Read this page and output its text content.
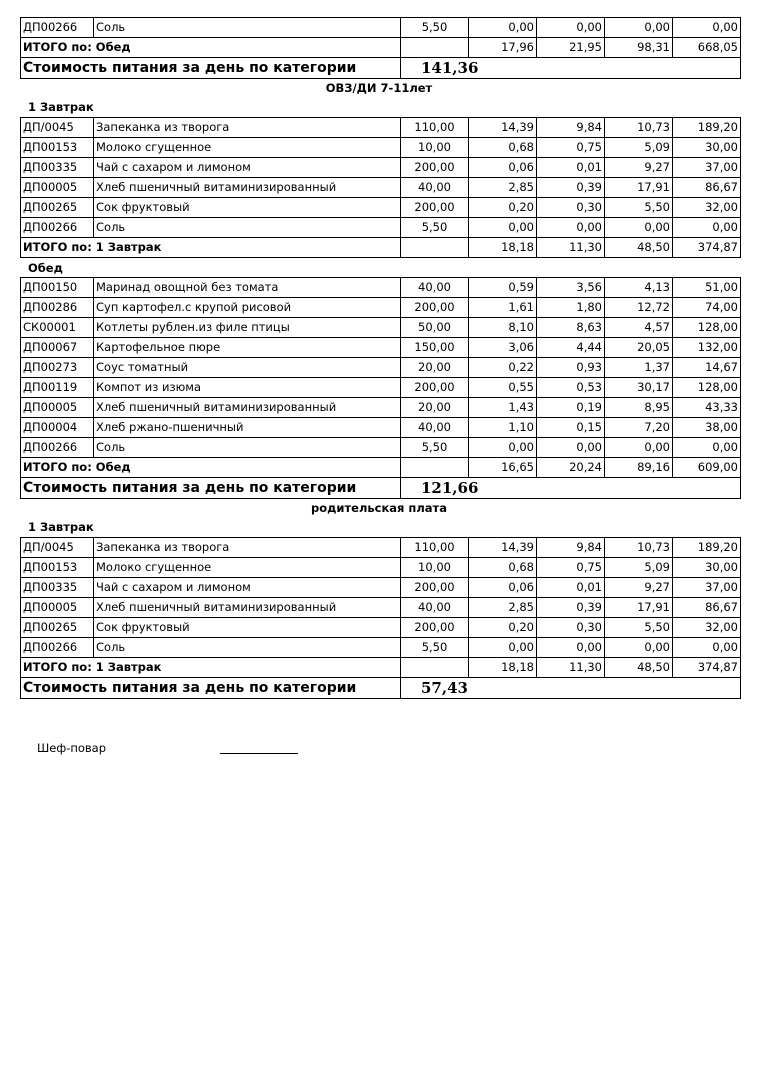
ДП00266	Соль	5,50	0,00	0,00	0,00	0,00
ИТОГО по: Обед			17,96	21,95	98,31	668,05
Стоимость питания за день по категории		141,36				
ОВЗ/ДИ 7-11лет
1 Завтрак
ДП/0045	Запеканка из творога	110,00	14,39	9,84	10,73	189,20
ДП00153	Молоко сгущенное	10,00	0,68	0,75	5,09	30,00
ДП00335	Чай с сахаром и лимоном	200,00	0,06	0,01	9,27	37,00
ДП00005	Хлеб пшеничный витаминизированный	40,00	2,85	0,39	17,91	86,67
ДП00265	Сок фруктовый	200,00	0,20	0,30	5,50	32,00
ДП00266	Соль	5,50	0,00	0,00	0,00	0,00
ИТОГО по: 1 Завтрак			18,18	11,30	48,50	374,87
Обед
ДП00150	Маринад овощной без томата	40,00	0,59	3,56	4,13	51,00
ДП00286	Суп картофел.с крупой рисовой	200,00	1,61	1,80	12,72	74,00
СК00001	Котлеты рублен.из филе птицы	50,00	8,10	8,63	4,57	128,00
ДП00067	Картофельное пюре	150,00	3,06	4,44	20,05	132,00
ДП00273	Соус томатный	20,00	0,22	0,93	1,37	14,67
ДП00119	Компот из изюма	200,00	0,55	0,53	30,17	128,00
ДП00005	Хлеб пшеничный витаминизированный	20,00	1,43	0,19	8,95	43,33
ДП00004	Хлеб ржано-пшеничный	40,00	1,10	0,15	7,20	38,00
ДП00266	Соль	5,50	0,00	0,00	0,00	0,00
ИТОГО по: Обед			16,65	20,24	89,16	609,00
Стоимость питания за день по категории		121,66				
родительская плата
1 Завтрак
ДП/0045	Запеканка из творога	110,00	14,39	9,84	10,73	189,20
ДП00153	Молоко сгущенное	10,00	0,68	0,75	5,09	30,00
ДП00335	Чай с сахаром и лимоном	200,00	0,06	0,01	9,27	37,00
ДП00005	Хлеб пшеничный витаминизированный	40,00	2,85	0,39	17,91	86,67
ДП00265	Сок фруктовый	200,00	0,20	0,30	5,50	32,00
ДП00266	Соль	5,50	0,00	0,00	0,00	0,00
ИТОГО по: 1 Завтрак			18,18	11,30	48,50	374,87
Стоимость питания за день по категории		57,43				
Шеф-повар
